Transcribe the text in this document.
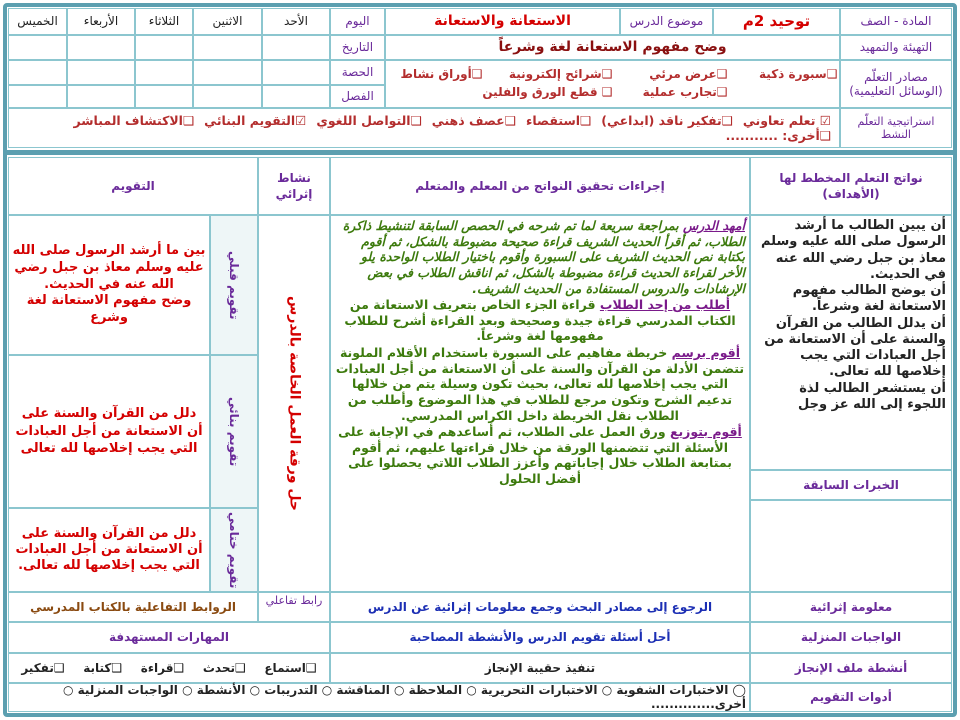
المادة - الصف
توحيد 2م
موضوع الدرس
الاستعانة والاستعانة
اليوم
التاريخ
الحصة
الفصل
الأحد
الاثنين
الثلاثاء
الأربعاء
الخميس
التهيئة والتمهيد
وضح مفهوم الاستعانة لغة وشرعاً
مصادر التعلّم (الوسائل التعليمية)
❑سبورة ذكية
❑عرض مرئي
❑شرائح إلكترونية
❑أوراق نشاط
❑تجارب عملية
❑ قطع الورق والفلين
استراتيجية التعلّم النشط
☑ تعلم تعاوني
❑تفكير ناقد (ابداعي)
❑استقصاء
❑عصف ذهني
❑التواصل اللغوي
☑التقويم البنائي
❑الاكتشاف المباشر
❑أخرى: ...........
نواتج التعلم المخطط لها (الأهداف)
إجراءات تحقيق النواتج من المعلم والمتعلم
نشاط إثرائي
التقويم

أن يبين الطالب ما أرشد الرسول صلى الله عليه وسلم معاذ بن جبل رضي الله عنه في الحديث.

أن يوضح الطالب مفهوم الاستعانة لغة وشرعاً.

أن يدلل الطالب من القرآن والسنة على أن الاستعانة من أجل العبادات التي يجب إخلاصها لله تعالى.

أن يستشعر الطالب لذة اللجوء إلى الله عز وجل

الخبرات السابقة

أمهد الدرس بمراجعة سريعة لما تم شرحه في الحصص السابقة لتنشيط ذاكرة الطلاب، ثم أقرأ الحديث الشريف قراءة صحيحة مضبوطة بالشكل، ثم أقوم بكتابة نص الحديث الشريف على السبورة وأقوم باختيار الطلاب الواحدة يلو الأخر لقراءة الحديث قراءة مضبوطة بالشكل، ثم اناقش الطلاب في بعض الإرشادات والدروس المستفادة من الحديث الشريف.

أطلب من إحد الطلاب قراءة الجزء الخاص بتعريف الاستعانة من الكتاب المدرسي قراءة جيدة وصحيحة وبعد القراءة أشرح للطلاب مفهومها لغة وشرعاً.

أقوم برسم خريطة مفاهيم على السبورة باستخدام الأقلام الملونة تتضمن الأدلة من القرآن والسنة على أن الاستعانة من أجل العبادات التي يجب إخلاصها لله تعالى، بحيث تكون وسيلة يتم من خلالها تدعيم الشرح وتكون مرجع للطلاب في هذا الموضوع وأطلب من الطلاب نقل الخريطة داخل الكراس المدرسي.

أقوم بتوزيع ورق العمل على الطلاب، ثم أساعدهم في الإجابة على الأسئلة التي تتضمنها الورقة من خلال قراءتها عليهم، ثم أقوم بمتابعة الطلاب خلال إجاباتهم وأعزز الطلاب اللاتي يحصلوا على أفضل الحلول

حل ورقة العمل الخاصة بالدرس
تقويم قبلي

بين ما أرشد الرسول صلى الله عليه وسلم معاذ بن جبل رضي الله عنه في الحديث.

وضح مفهوم الاستعانة لغة وشرع

تقويم بنائي
دلل من القرآن والسنة على أن الاستعانة من أجل العبادات التي يجب إخلاصها لله تعالى
تقويم ختامي
دلل من القرآن والسنة على أن الاستعانة من أجل العبادات التي يجب إخلاصها لله تعالى.
معلومة إثرائية
الرجوع إلى مصادر البحث وجمع معلومات إثرائية عن الدرس
رابط تفاعلي
الروابط التفاعلية بالكتاب المدرسي
الواجبات المنزلية
أحل أسئلة تقويم الدرس والأنشطة المصاحبة
المهارات المستهدفة
أنشطة ملف الإنجاز
تنفيذ حقيبة الإنجاز
❑استماع
❑تحدث
❑قراءة
❑كتابة
❑تفكير
أدوات التقويم
◯ الاختبارات الشفوية ○ الاختبارات التحريرية ○ الملاحظة ○ المناقشة ○ التدريبات ○ الأنشطة ○ الواجبات المنزلية ○ أخرى..............
